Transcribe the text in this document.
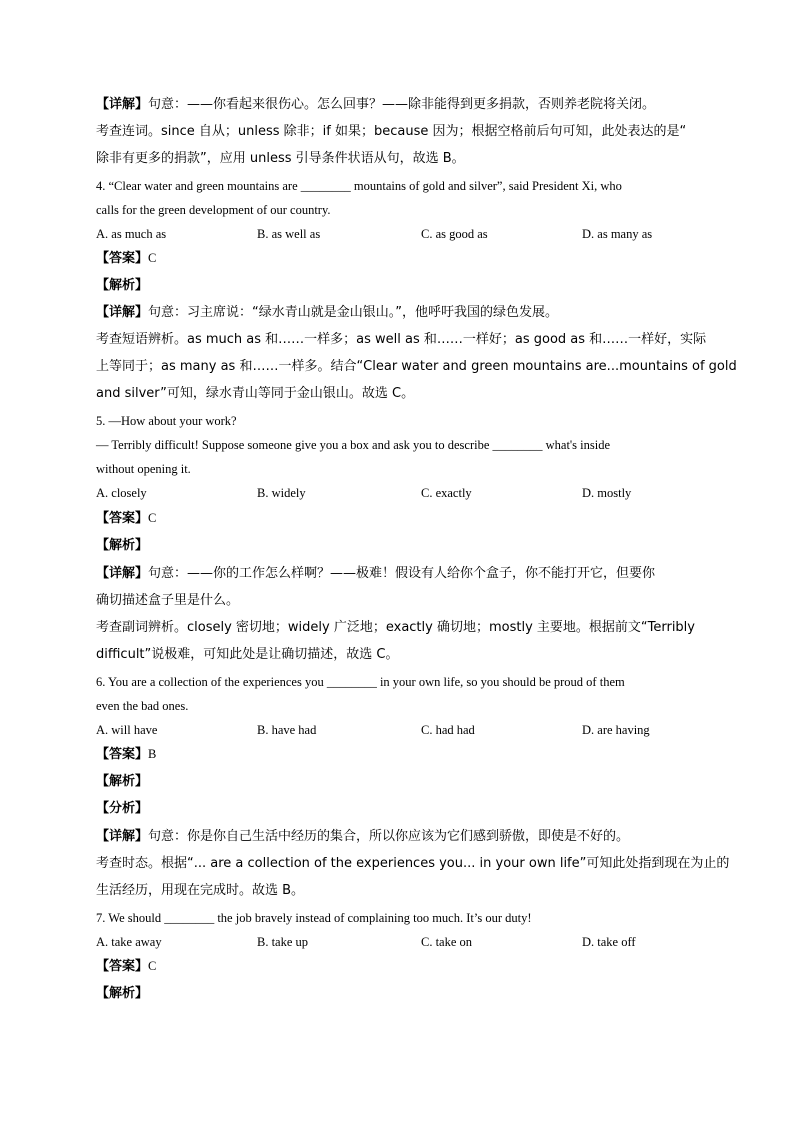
【详解】句意：——你看起来很伤心。怎么回事？——除非能得到更多捐款，否则养老院将关闭。
考查连词。since 自从；unless 除非；if 如果；because 因为；根据空格前后句可知，此处表达的是“
除非有更多的捐款”，应用 unless 引导条件状语从句，故选 B。
4. “Clear water and green mountains are ________ mountains of gold and silver”, said President Xi, who
calls for the green development of our country.
A. as much as	B. as well as	C. as good as	D. as many as
【答案】C
【解析】
【详解】句意：习主席说：“绿水青山就是金山银山。”，他呼吁我国的绿色发展。
考查短语辨析。as much as 和……一样多；as well as 和……一样好；as good as 和……一样好，实际
上等同于；as many as 和……一样多。结合“Clear water and green mountains are...mountains of gold
and silver”可知，绿水青山等同于金山银山。故选 C。
5. —How about your work?
— Terribly difficult! Suppose someone give you a box and ask you to describe ________ what's inside
without opening it.
A. closely	B. widely	C. exactly	D. mostly
【答案】C
【解析】
【详解】句意：——你的工作怎么样啊？——极难！假设有人给你个盒子，你不能打开它，但要你
确切描述盒子里是什么。
考查副词辨析。closely 密切地；widely 广泛地；exactly 确切地；mostly 主要地。根据前文“Terribly
difficult”说极难，可知此处是让确切描述，故选 C。
6. You are a collection of the experiences you ________ in your own life, so you should be proud of them
even the bad ones.
A. will have	B. have had	C. had had	D. are having
【答案】B
【解析】
【分析】
【详解】句意：你是你自己生活中经历的集合，所以你应该为它们感到骄傲，即使是不好的。
考查时态。根据“... are a collection of the experiences you... in your own life”可知此处指到现在为止的
生活经历，用现在完成时。故选 B。
7. We should ________ the job bravely instead of complaining too much. It’s our duty!
A. take away	B. take up	C. take on	D. take off
【答案】C
【解析】
